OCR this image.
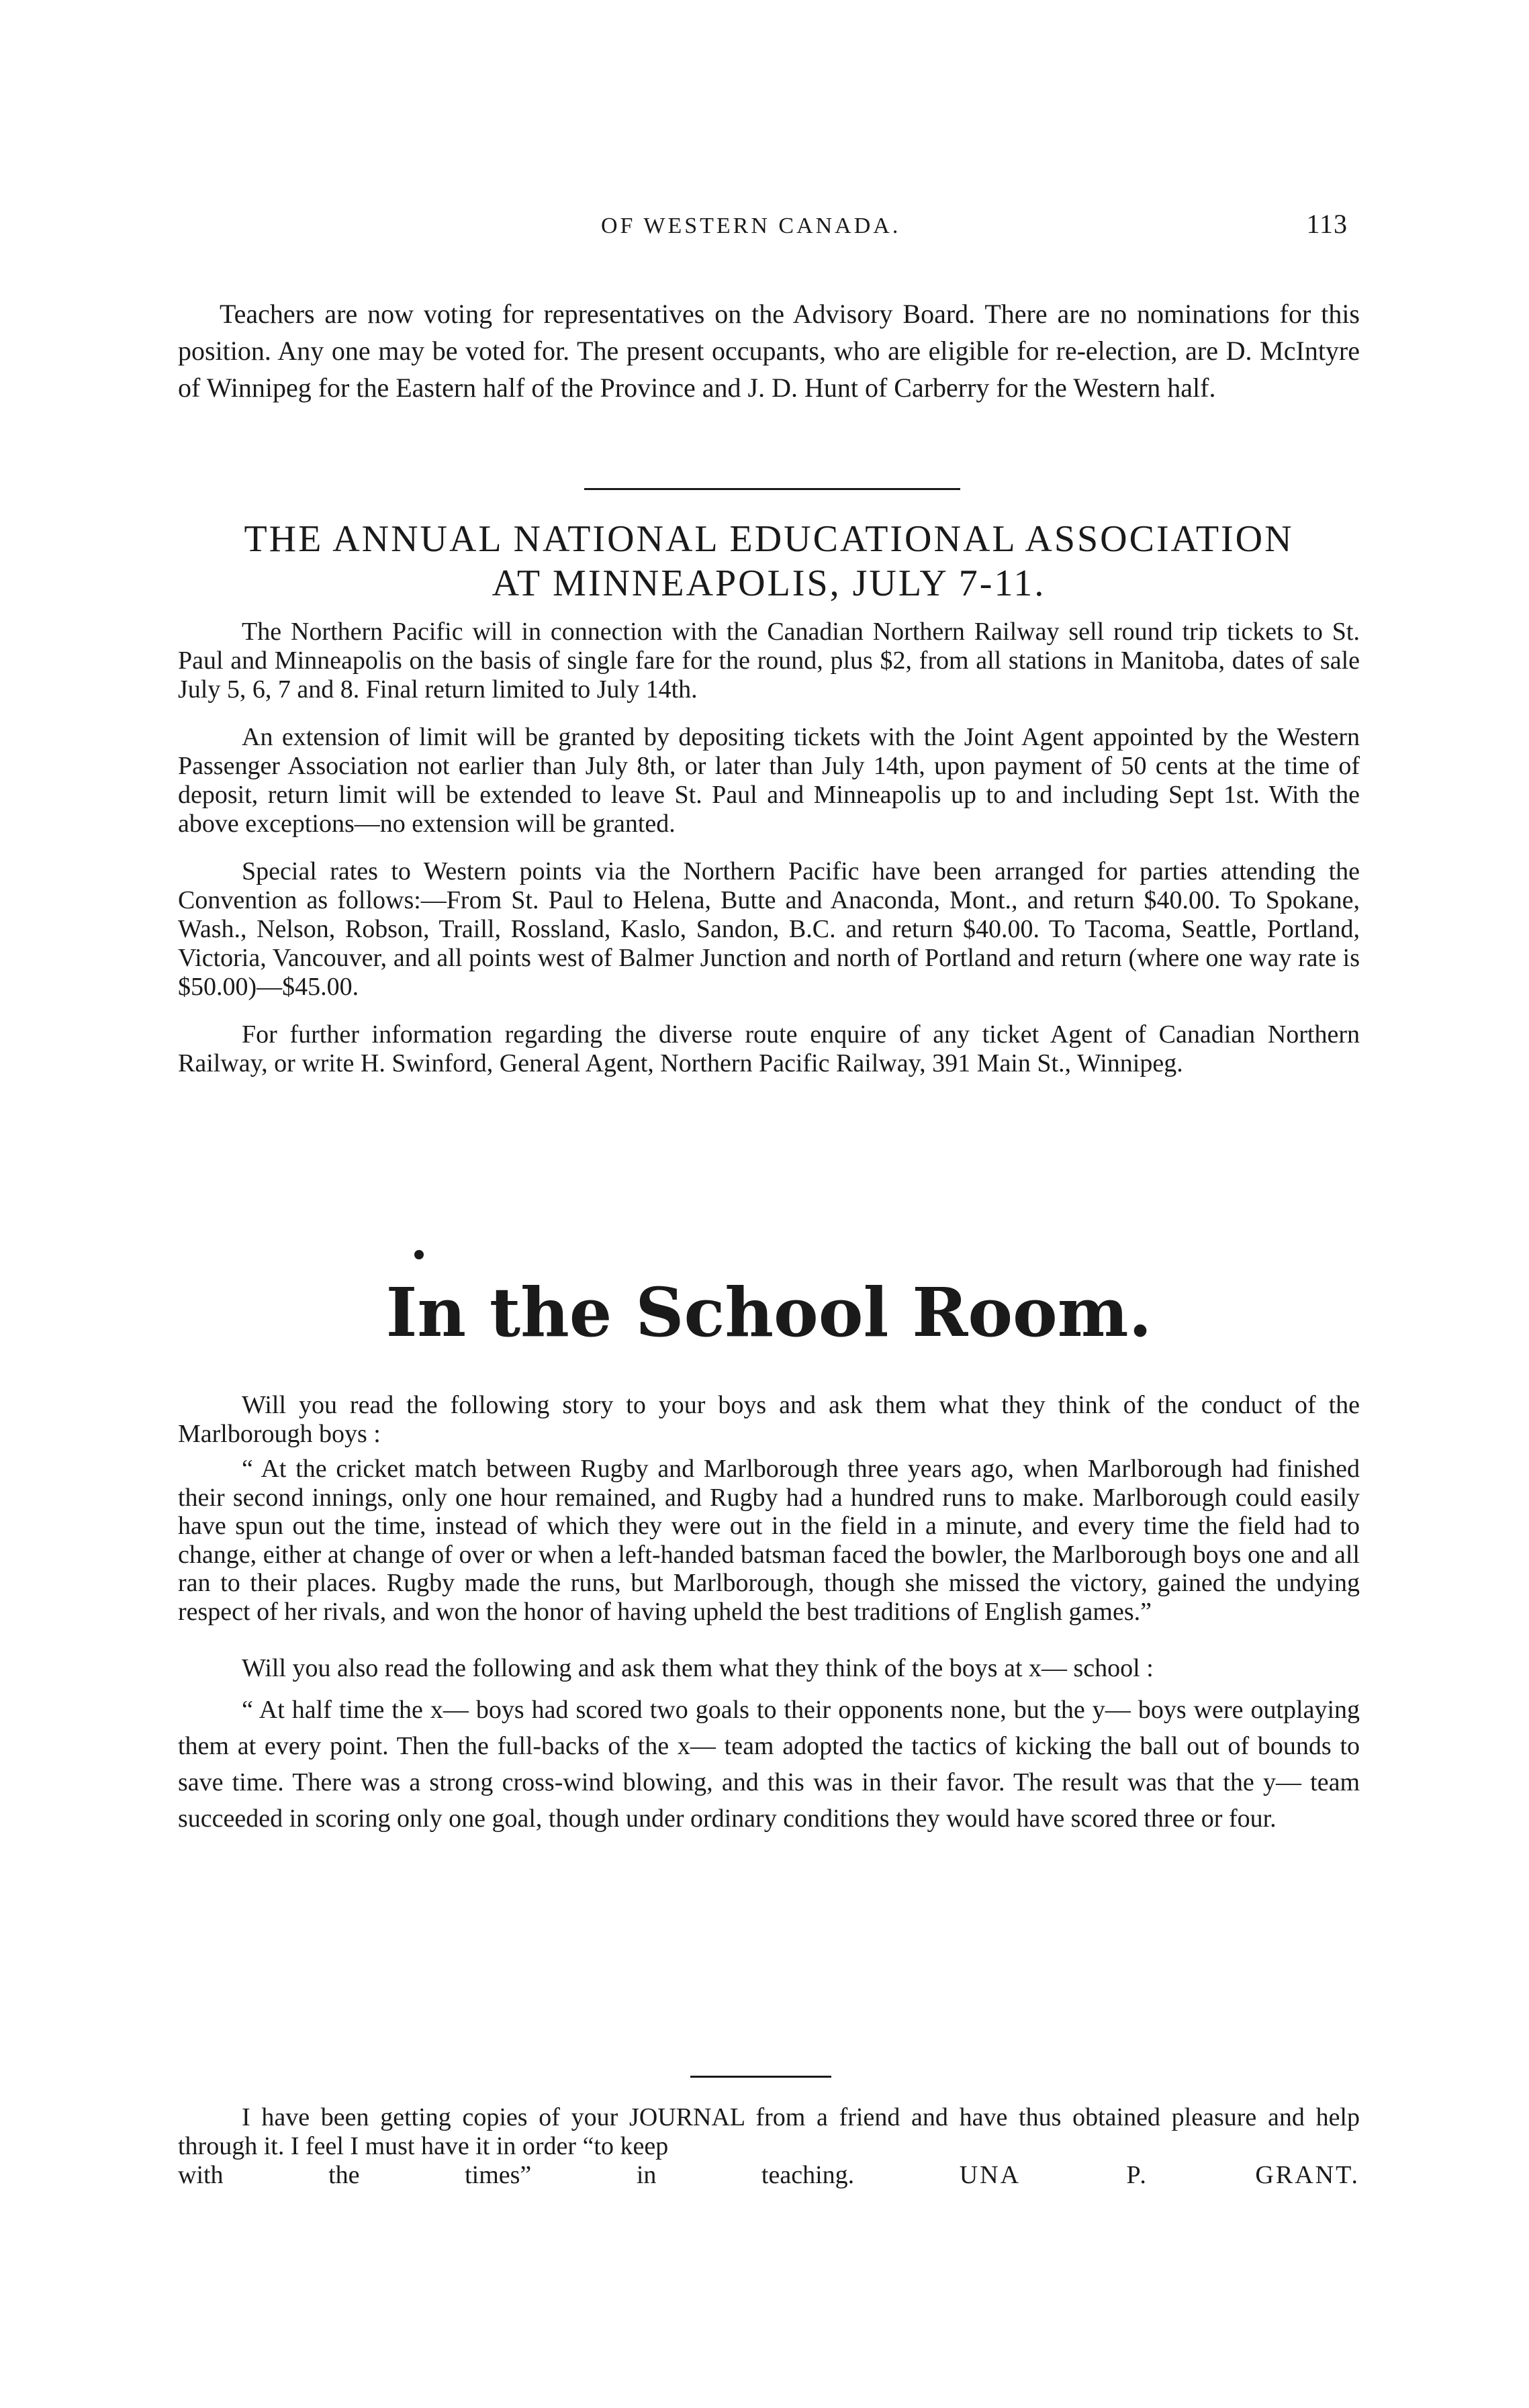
OF WESTERN CANADA.	113

Teachers are now voting for representatives on the Advisory Board. There are no nominations for this position. Any one may be voted for. The present occupants, who are eligible for re-election, are D. McIntyre of Winnipeg for the Eastern half of the Province and J. D. Hunt of Carberry for the Western half.

THE ANNUAL NATIONAL EDUCATIONAL ASSOCIATION
AT MINNEAPOLIS, JULY 7-11.

The Northern Pacific will in connection with the Canadian Northern Railway sell round trip tickets to St. Paul and Minneapolis on the basis of single fare for the round, plus $2, from all stations in Manitoba, dates of sale July 5, 6, 7 and 8. Final return limited to July 14th.

An extension of limit will be granted by depositing tickets with the Joint Agent appointed by the Western Passenger Association not earlier than July 8th, or later than July 14th, upon payment of 50 cents at the time of deposit, return limit will be extended to leave St. Paul and Minneapolis up to and including Sept 1st. With the above exceptions—no extension will be granted.

Special rates to Western points via the Northern Pacific have been arranged for parties attending the Convention as follows:—From St. Paul to Helena, Butte and Anaconda, Mont., and return $40.00. To Spokane, Wash., Nelson, Robson, Traill, Rossland, Kaslo, Sandon, B.C. and return $40.00. To Tacoma, Seattle, Portland, Victoria, Vancouver, and all points west of Balmer Junction and north of Portland and return (where one way rate is $50.00)—$45.00.

For further information regarding the diverse route enquire of any ticket Agent of Canadian Northern Railway, or write H. Swinford, General Agent, Northern Pacific Railway, 391 Main St., Winnipeg.

In the School Room.

Will you read the following story to your boys and ask them what they think of the conduct of the Marlborough boys :

“ At the cricket match between Rugby and Marlborough three years ago, when Marlborough had finished their second innings, only one hour remained, and Rugby had a hundred runs to make. Marlborough could easily have spun out the time, instead of which they were out in the field in a minute, and every time the field had to change, either at change of over or when a left-handed batsman faced the bowler, the Marlborough boys one and all ran to their places. Rugby made the runs, but Marlborough, though she missed the victory, gained the undying respect of her rivals, and won the honor of having upheld the best traditions of English games.”

Will you also read the following and ask them what they think of the boys at x— school :

“ At half time the x— boys had scored two goals to their opponents none, but the y— boys were outplaying them at every point. Then the full-backs of the x— team adopted the tactics of kicking the ball out of bounds to save time. There was a strong cross-wind blowing, and this was in their favor. The result was that the y— team succeeded in scoring only one goal, though under ordinary conditions they would have scored three or four.

I have been getting copies of your JOURNAL from a friend and have thus obtained pleasure and help through it. I feel I must have it in order “to keep

with the times” in teaching.	UNA P. GRANT.
